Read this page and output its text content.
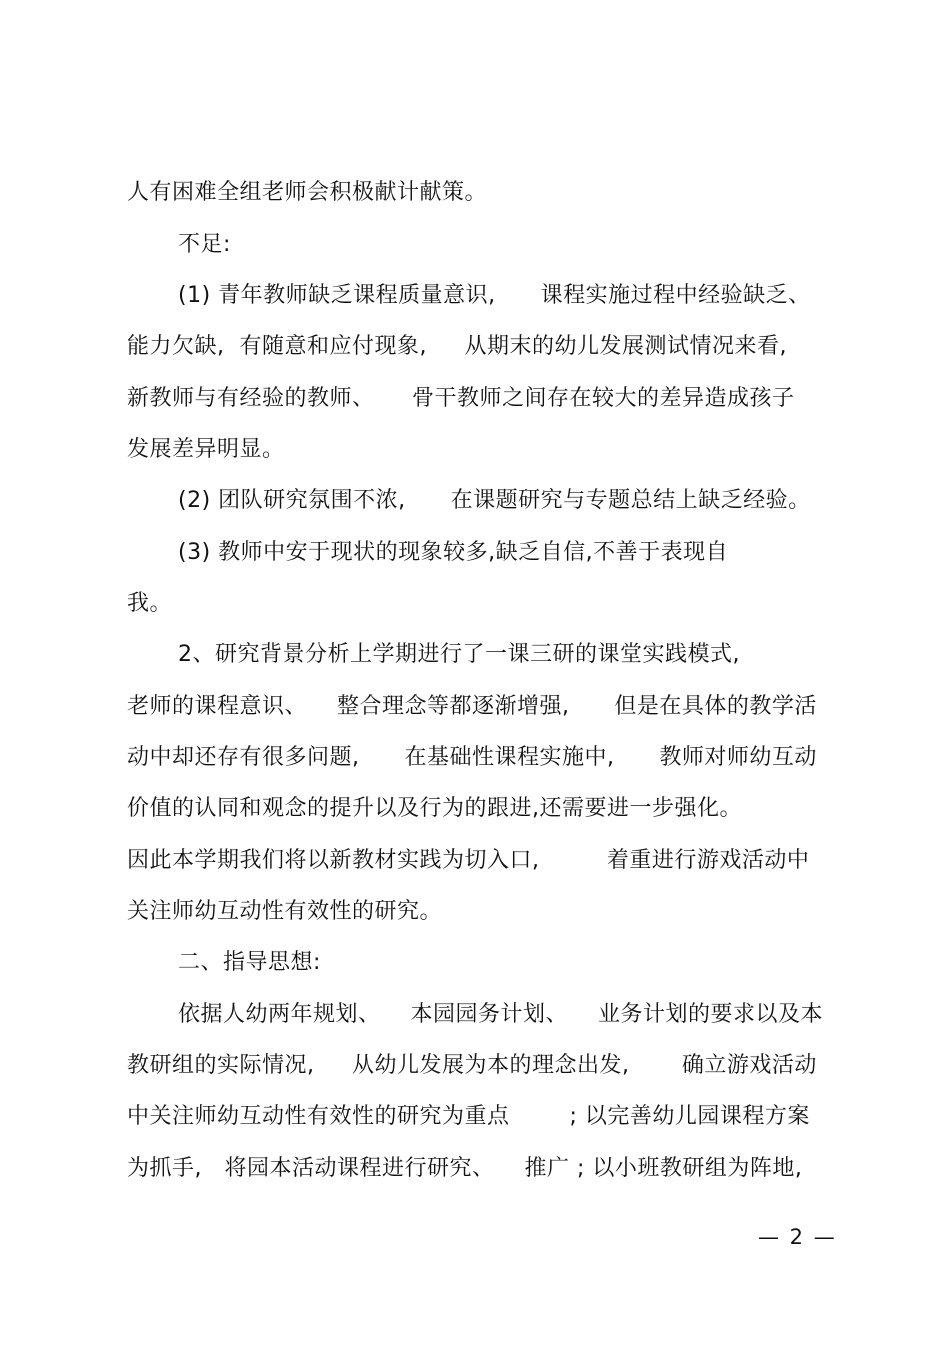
人有困难全组老师会积极献计献策。
不足:
(1) 青年教师缺乏课程质量意识,      课程实施过程中经验缺乏、
能力欠缺,  有随意和应付现象,     从期末的幼儿发展测试情况来看,
新教师与有经验的教师、     骨干教师之间存在较大的差异造成孩子
发展差异明显。
(2) 团队研究氛围不浓,      在课题研究与专题总结上缺乏经验。
(3) 教师中安于现状的现象较多,缺乏自信,不善于表现自
我。
2、研究背景分析上学期进行了一课三研的课堂实践模式,
老师的课程意识、    整合理念等都逐渐增强,      但是在具体的教学活
动中却还存有很多问题,      在基础性课程实施中,      教师对师幼互动
价值的认同和观念的提升以及行为的跟进,还需要进一步强化。
因此本学期我们将以新教材实践为切入口,         着重进行游戏活动中
关注师幼互动性有效性的研究。
二、指导思想:
依据人幼两年规划、    本园园务计划、    业务计划的要求以及本
教研组的实际情况,     从幼儿发展为本的理念出发,       确立游戏活动
中关注师幼互动性有效性的研究为重点        ; 以完善幼儿园课程方案
为抓手,   将园本活动课程进行研究、    推广 ; 以小班教研组为阵地,
— 2 —
